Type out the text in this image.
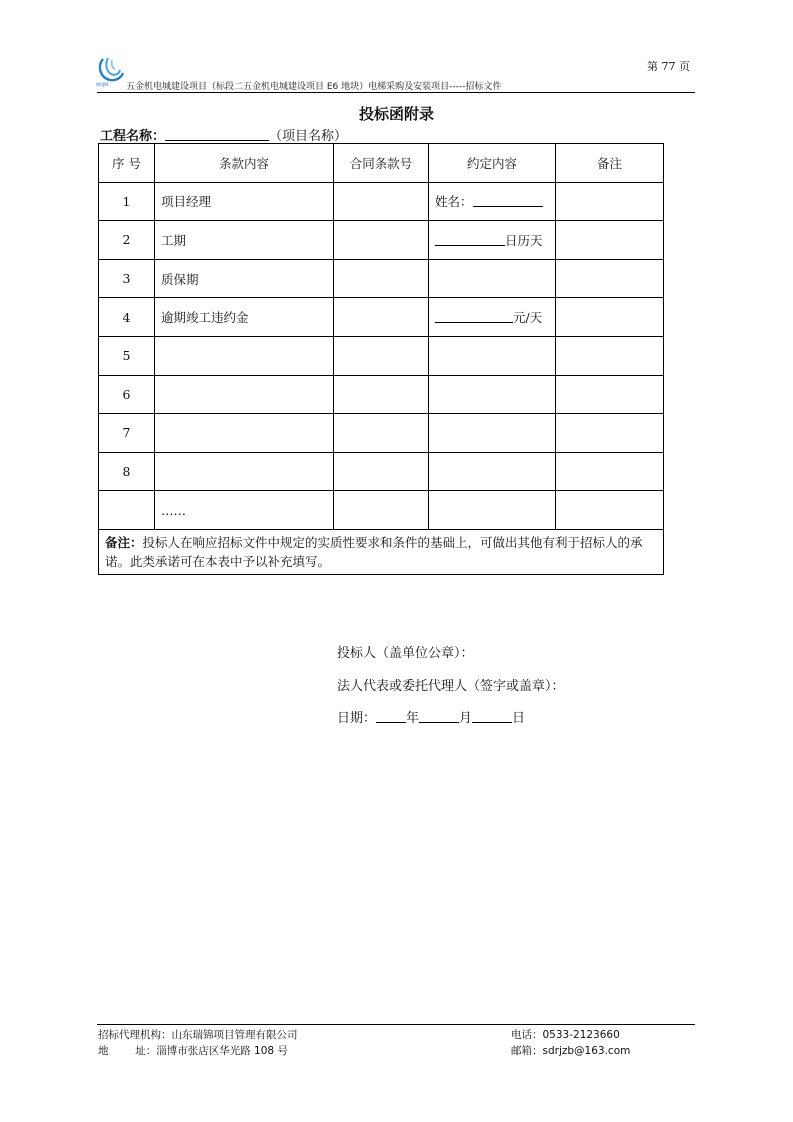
WUJIN 五金机电城建设项目（标段二五金机电城建设项目 E6 地块）电梯采购及安装项目-----招标文件
第 77 页
投标函附录
工程名称：	（项目名称）
序 号	条款内容	合同条款号	约定内容	备注
1	项目经理		姓名：	
2	工期		日历天	
3	质保期			
4	逾期竣工违约金		元/天	
5				
6				
7				
8				
	……			
备注：投标人在响应招标文件中规定的实质性要求和条件的基础上，可做出其他有利于招标人的承诺。此类承诺可在本表中予以补充填写。				
投标人（盖单位公章）：
法人代表或委托代理人（签字或盖章）：
日期： 年	月	日
招标代理机构：山东瑞锦项目管理有限公司
地        址：淄博市张店区华光路 108 号
电话：0533-2123660
邮箱：sdrjzb@163.com
